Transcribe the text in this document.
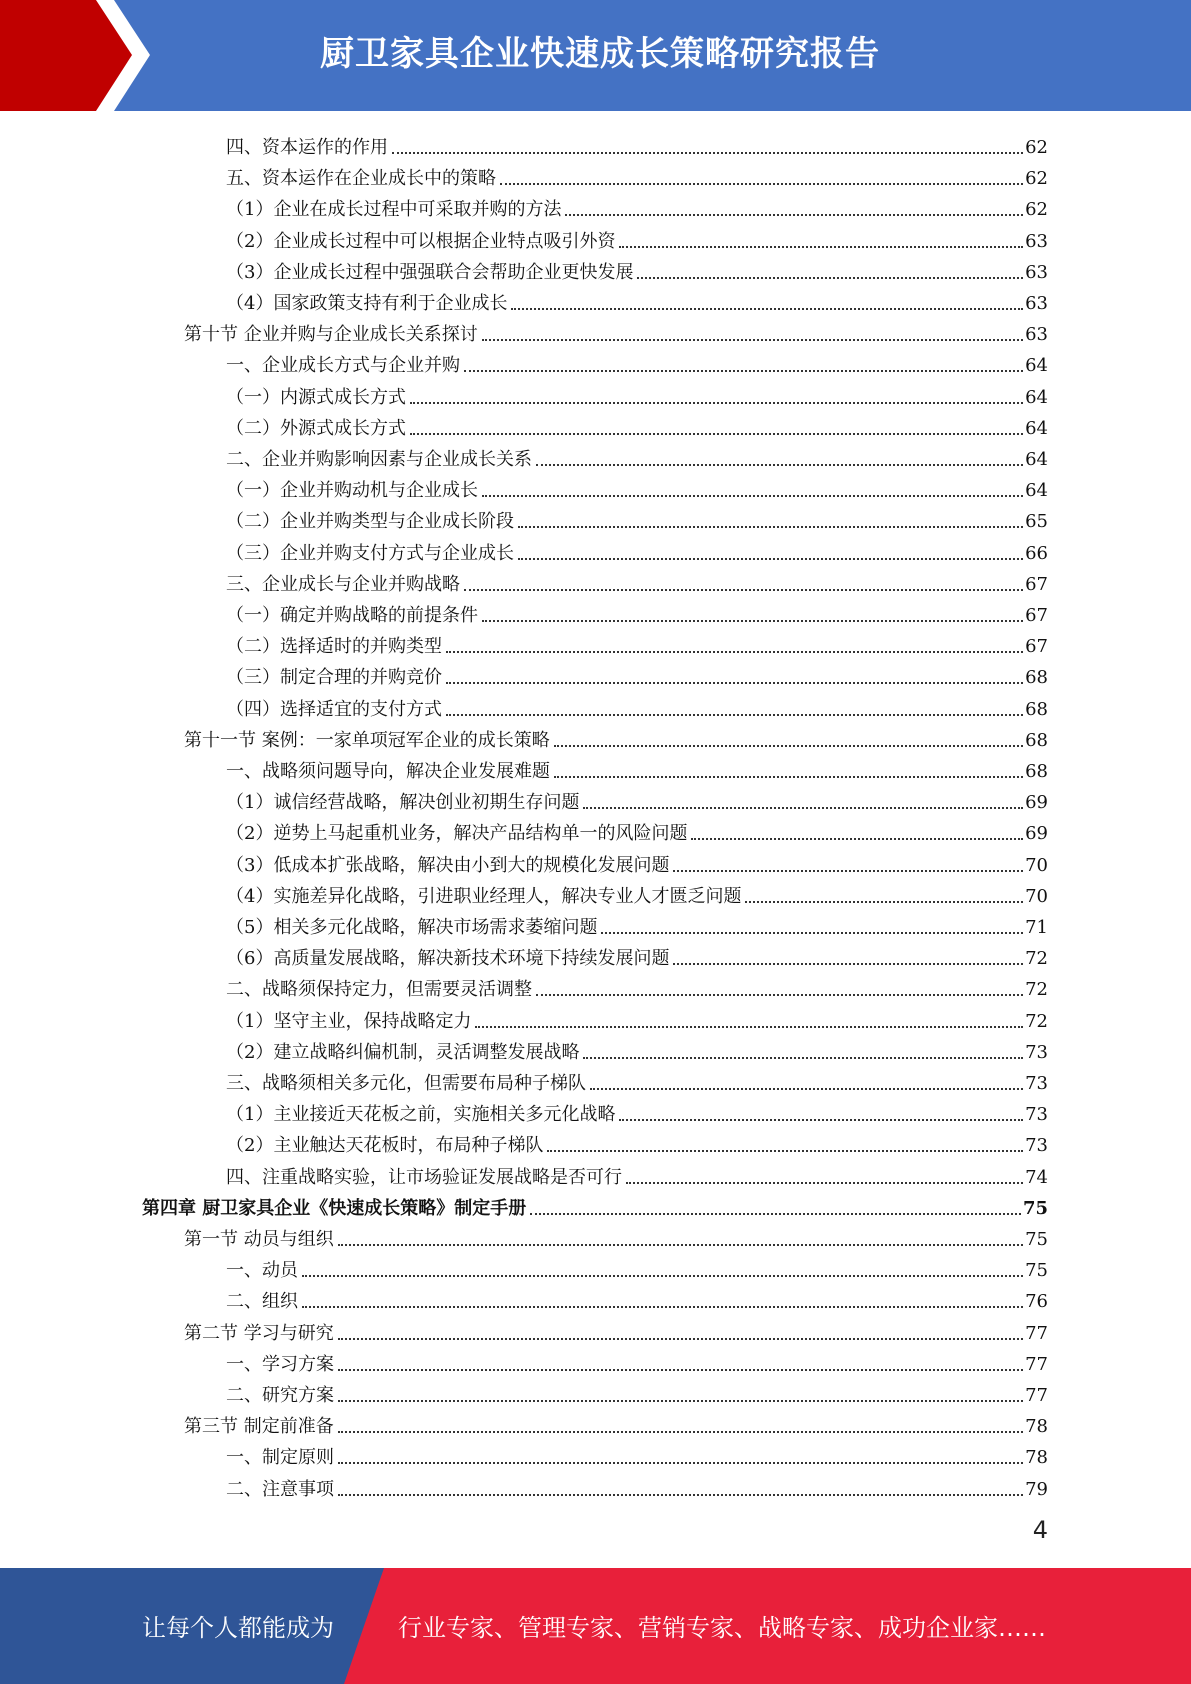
厨卫家具企业快速成长策略研究报告
四、资本运作的作用	62
五、资本运作在企业成长中的策略	62
（1）企业在成长过程中可采取并购的方法	62
（2）企业成长过程中可以根据企业特点吸引外资	63
（3）企业成长过程中强强联合会帮助企业更快发展	63
（4）国家政策支持有利于企业成长	63
第十节 企业并购与企业成长关系探讨	63
一、企业成长方式与企业并购	64
（一）内源式成长方式	64
（二）外源式成长方式	64
二、企业并购影响因素与企业成长关系	64
（一）企业并购动机与企业成长	64
（二）企业并购类型与企业成长阶段	65
（三）企业并购支付方式与企业成长	66
三、企业成长与企业并购战略	67
（一）确定并购战略的前提条件	67
（二）选择适时的并购类型	67
（三）制定合理的并购竞价	68
（四）选择适宜的支付方式	68
第十一节 案例：一家单项冠军企业的成长策略	68
一、战略须问题导向，解决企业发展难题	68
（1）诚信经营战略，解决创业初期生存问题	69
（2）逆势上马起重机业务，解决产品结构单一的风险问题	69
（3）低成本扩张战略，解决由小到大的规模化发展问题	70
（4）实施差异化战略，引进职业经理人，解决专业人才匮乏问题	70
（5）相关多元化战略，解决市场需求萎缩问题	71
（6）高质量发展战略，解决新技术环境下持续发展问题	72
二、战略须保持定力，但需要灵活调整	72
（1）坚守主业，保持战略定力	72
（2）建立战略纠偏机制，灵活调整发展战略	73
三、战略须相关多元化，但需要布局种子梯队	73
（1）主业接近天花板之前，实施相关多元化战略	73
（2）主业触达天花板时，布局种子梯队	73
四、注重战略实验，让市场验证发展战略是否可行	74
第四章 厨卫家具企业《快速成长策略》制定手册	75
第一节 动员与组织	75
一、动员	75
二、组织	76
第二节 学习与研究	77
一、学习方案	77
二、研究方案	77
第三节 制定前准备	78
一、制定原则	78
二、注意事项	79
4
让每个人都能成为	行业专家、管理专家、营销专家、战略专家、成功企业家……
